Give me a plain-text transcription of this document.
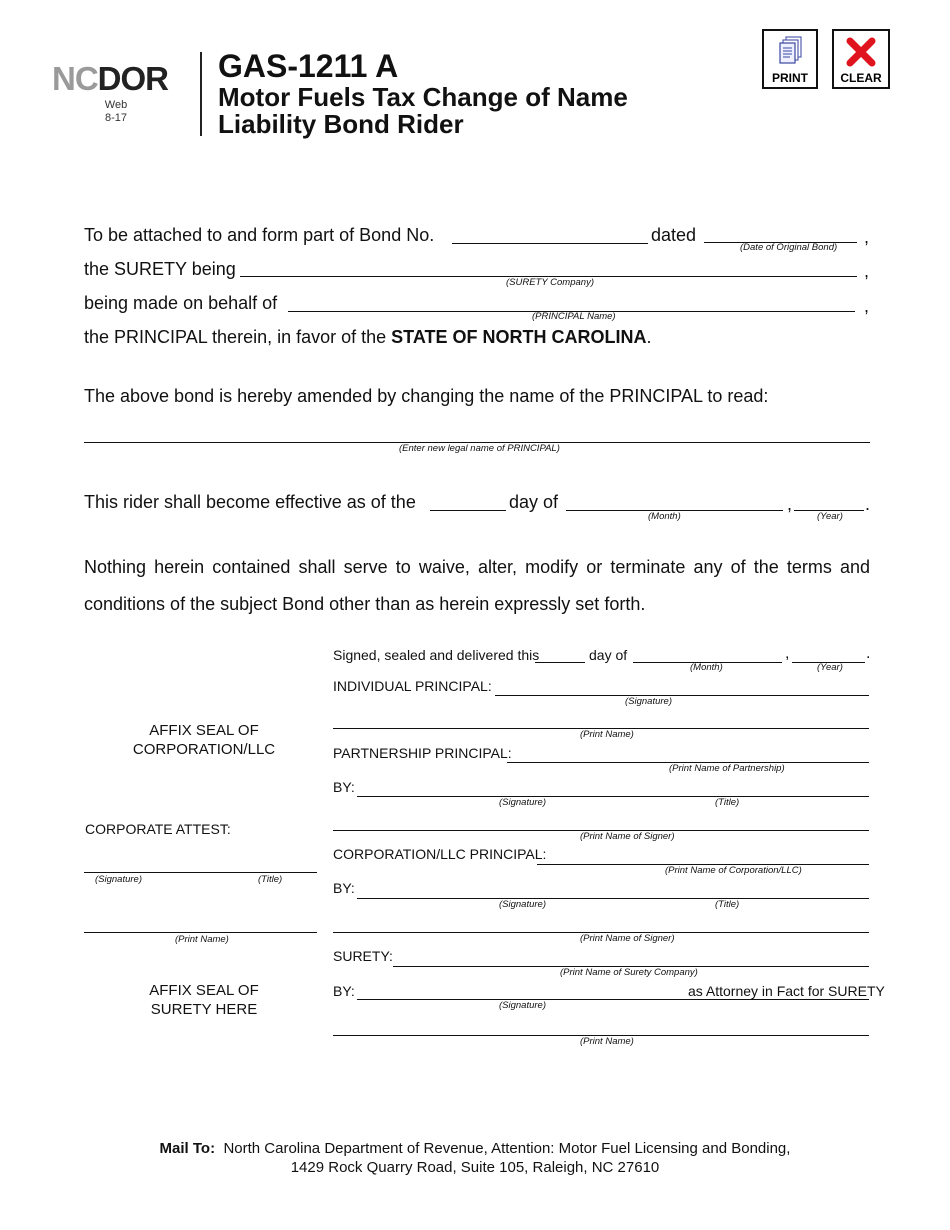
NCDOR
Web
8-17
GAS-1211 A
Motor Fuels Tax Change of Name
Liability Bond Rider
PRINT	CLEAR
To be attached to and form part of Bond No.	dated
(Date of Original Bond)
,
the SURETY being
(SURETY Company)
,
being made on behalf of
(PRINCIPAL Name)
,
the PRINCIPAL therein, in favor of the STATE OF NORTH CAROLINA.
The above bond is hereby amended by changing the name of the PRINCIPAL to read:
(Enter new legal name of PRINCIPAL)
This rider shall become effective as of the	day of
(Month)
,
(Year)
.
Nothing herein contained shall serve to waive, alter, modify or terminate any of the terms and conditions of the subject Bond other than as herein expressly set forth.
AFFIX SEAL OF
CORPORATION/LLC
CORPORATE ATTEST:
(Signature)	(Title)
(Print Name)
AFFIX SEAL OF
SURETY HERE
Signed, sealed and delivered this	day of
(Month)
,
(Year)
.
INDIVIDUAL PRINCIPAL:
(Signature)
(Print Name)
PARTNERSHIP PRINCIPAL:
(Print Name of Partnership)
BY:
(Signature)	(Title)
(Print Name of Signer)
CORPORATION/LLC PRINCIPAL:
(Print Name of Corporation/LLC)
BY:
(Signature)	(Title)
(Print Name of Signer)
SURETY:
(Print Name of Surety Company)
BY:	as Attorney in Fact for SURETY
(Signature)
(Print Name)
Mail To: North Carolina Department of Revenue, Attention: Motor Fuel Licensing and Bonding,
1429 Rock Quarry Road, Suite 105, Raleigh, NC 27610
